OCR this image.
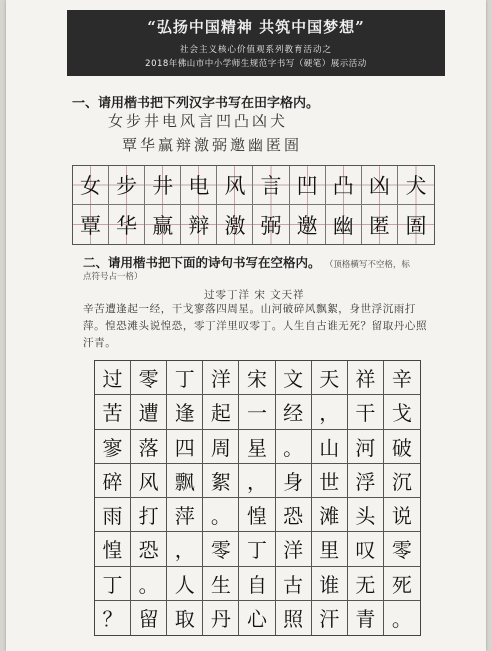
“弘扬中国精神 共筑中国梦想”
社会主义核心价值观系列教育活动之
2018年佛山市中小学师生规范字书写（硬笔）展示活动
一、请用楷书把下列汉字书写在田字格内。
女步井电风言凹凸凶犬
覃华赢辩激弼邀幽匿圄
女 步 井 电 风 言 凹 凸 凶 犬
覃 华 赢 辩 激 弼 邀 幽 匿 圄
二、请用楷书把下面的诗句书写在空格内。 （顶格横写不空格，标
点符号占一格）
过零丁洋 宋 文天祥
辛苦遭逢起一经，干戈寥落四周星。山河破碎风飘絮，身世浮沉雨打萍。惶恐滩头说惶恐，零丁洋里叹零丁。人生自古谁无死？留取丹心照汗青。
过 零 丁 洋 宋 文 天 祥 辛
苦 遭 逢 起 一 经 ， 干 戈
寥 落 四 周 星 。 山 河 破
碎 风 飘 絮 ， 身 世 浮 沉
雨 打 萍 。 惶 恐 滩 头 说
惶 恐 ， 零 丁 洋 里 叹 零
丁 。 人 生 自 古 谁 无 死
？ 留 取 丹 心 照 汗 青 。
